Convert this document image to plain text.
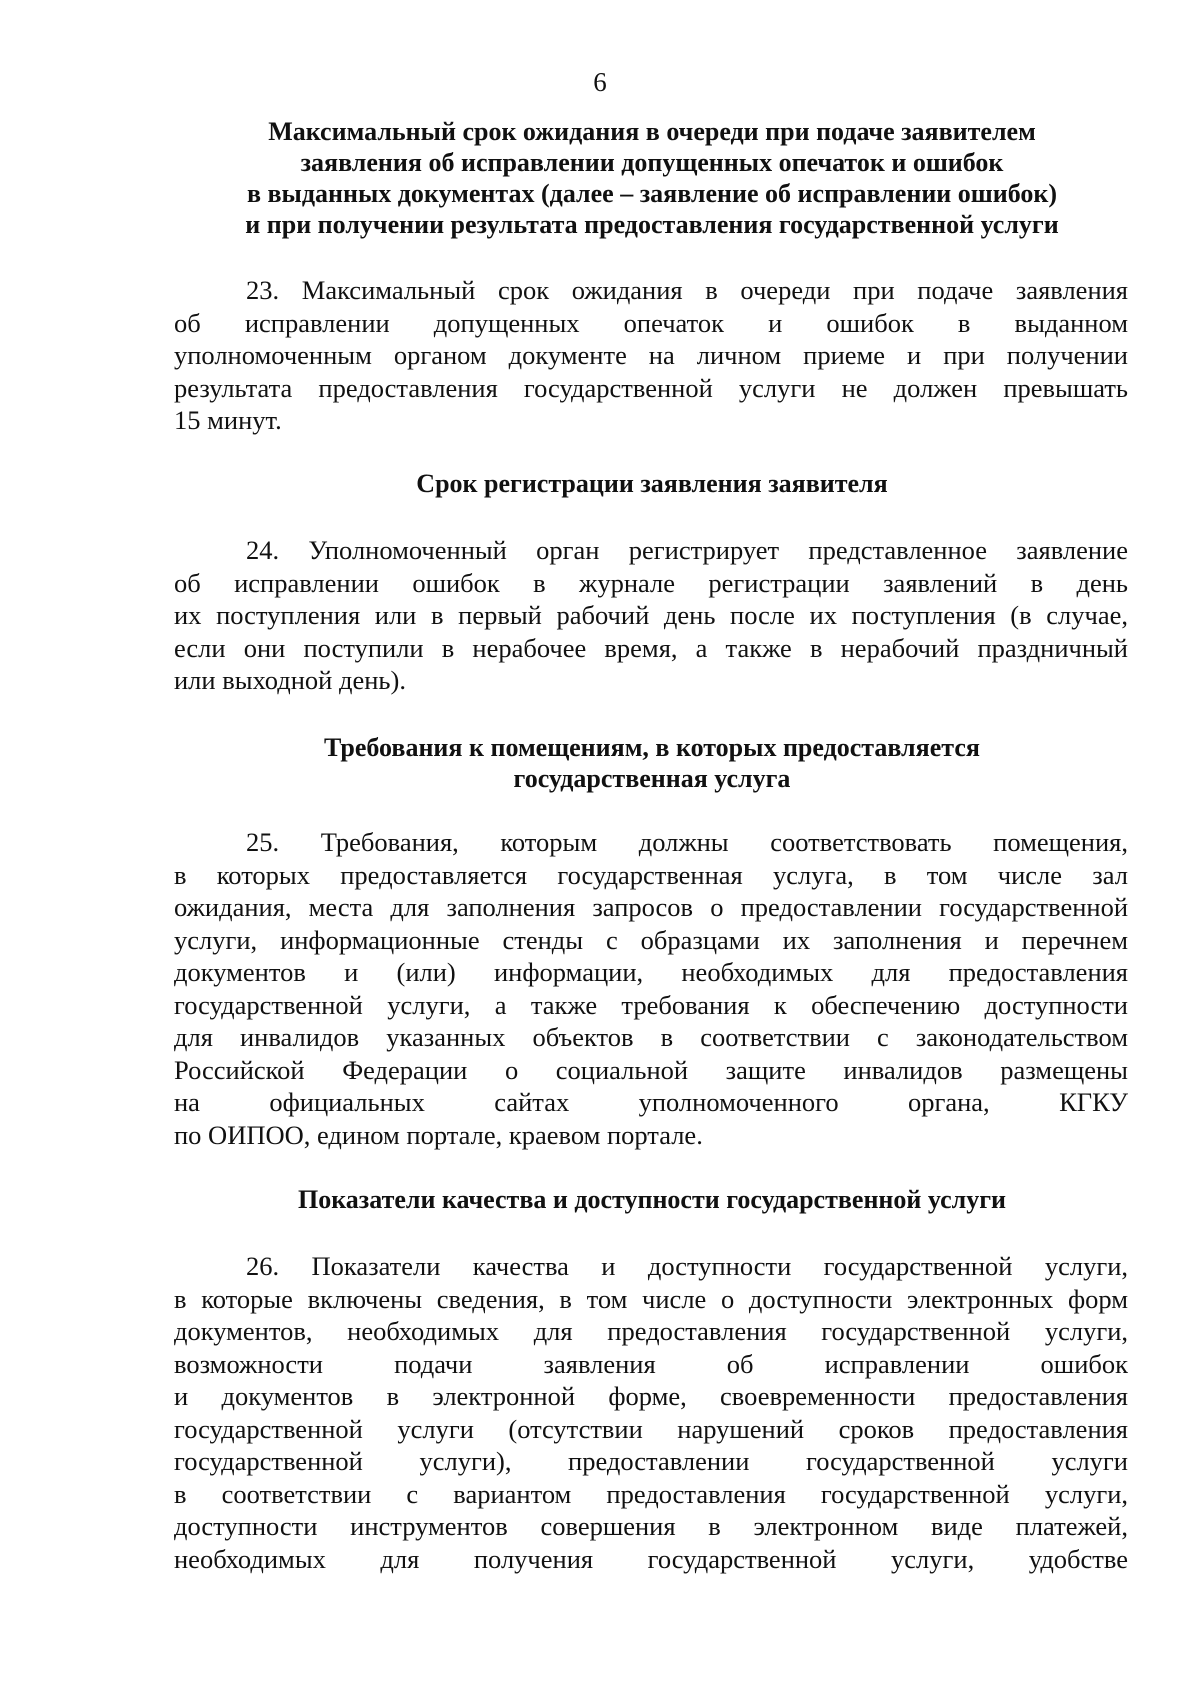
6
Максимальный срок ожидания в очереди при подаче заявителем
заявления об исправлении допущенных опечаток и ошибок
в выданных документах (далее – заявление об исправлении ошибок)
и при получении результата предоставления государственной услуги
23. Максимальный срок ожидания в очереди при подаче заявления
об исправлении допущенных опечаток и ошибок в выданном
уполномоченным органом документе на личном приеме и при получении
результата предоставления государственной услуги не должен превышать
15 минут.
Срок регистрации заявления заявителя
24. Уполномоченный орган регистрирует представленное заявление
об исправлении ошибок в журнале регистрации заявлений в день
их поступления или в первый рабочий день после их поступления (в случае,
если они поступили в нерабочее время, а также в нерабочий праздничный
или выходной день).
Требования к помещениям, в которых предоставляется
государственная услуга
25. Требования, которым должны соответствовать помещения,
в которых предоставляется государственная услуга, в том числе зал
ожидания, места для заполнения запросов о предоставлении государственной
услуги, информационные стенды с образцами их заполнения и перечнем
документов и (или) информации, необходимых для предоставления
государственной услуги, а также требования к обеспечению доступности
для инвалидов указанных объектов в соответствии с законодательством
Российской Федерации о социальной защите инвалидов размещены
на официальных сайтах уполномоченного органа, КГКУ
по ОИПОО, едином портале, краевом портале.
Показатели качества и доступности государственной услуги
26. Показатели качества и доступности государственной услуги,
в которые включены сведения, в том числе о доступности электронных форм
документов, необходимых для предоставления государственной услуги,
возможности подачи заявления об исправлении ошибок
и документов в электронной форме, своевременности предоставления
государственной услуги (отсутствии нарушений сроков предоставления
государственной услуги), предоставлении государственной услуги
в соответствии с вариантом предоставления государственной услуги,
доступности инструментов совершения в электронном виде платежей,
необходимых для получения государственной услуги, удобстве
